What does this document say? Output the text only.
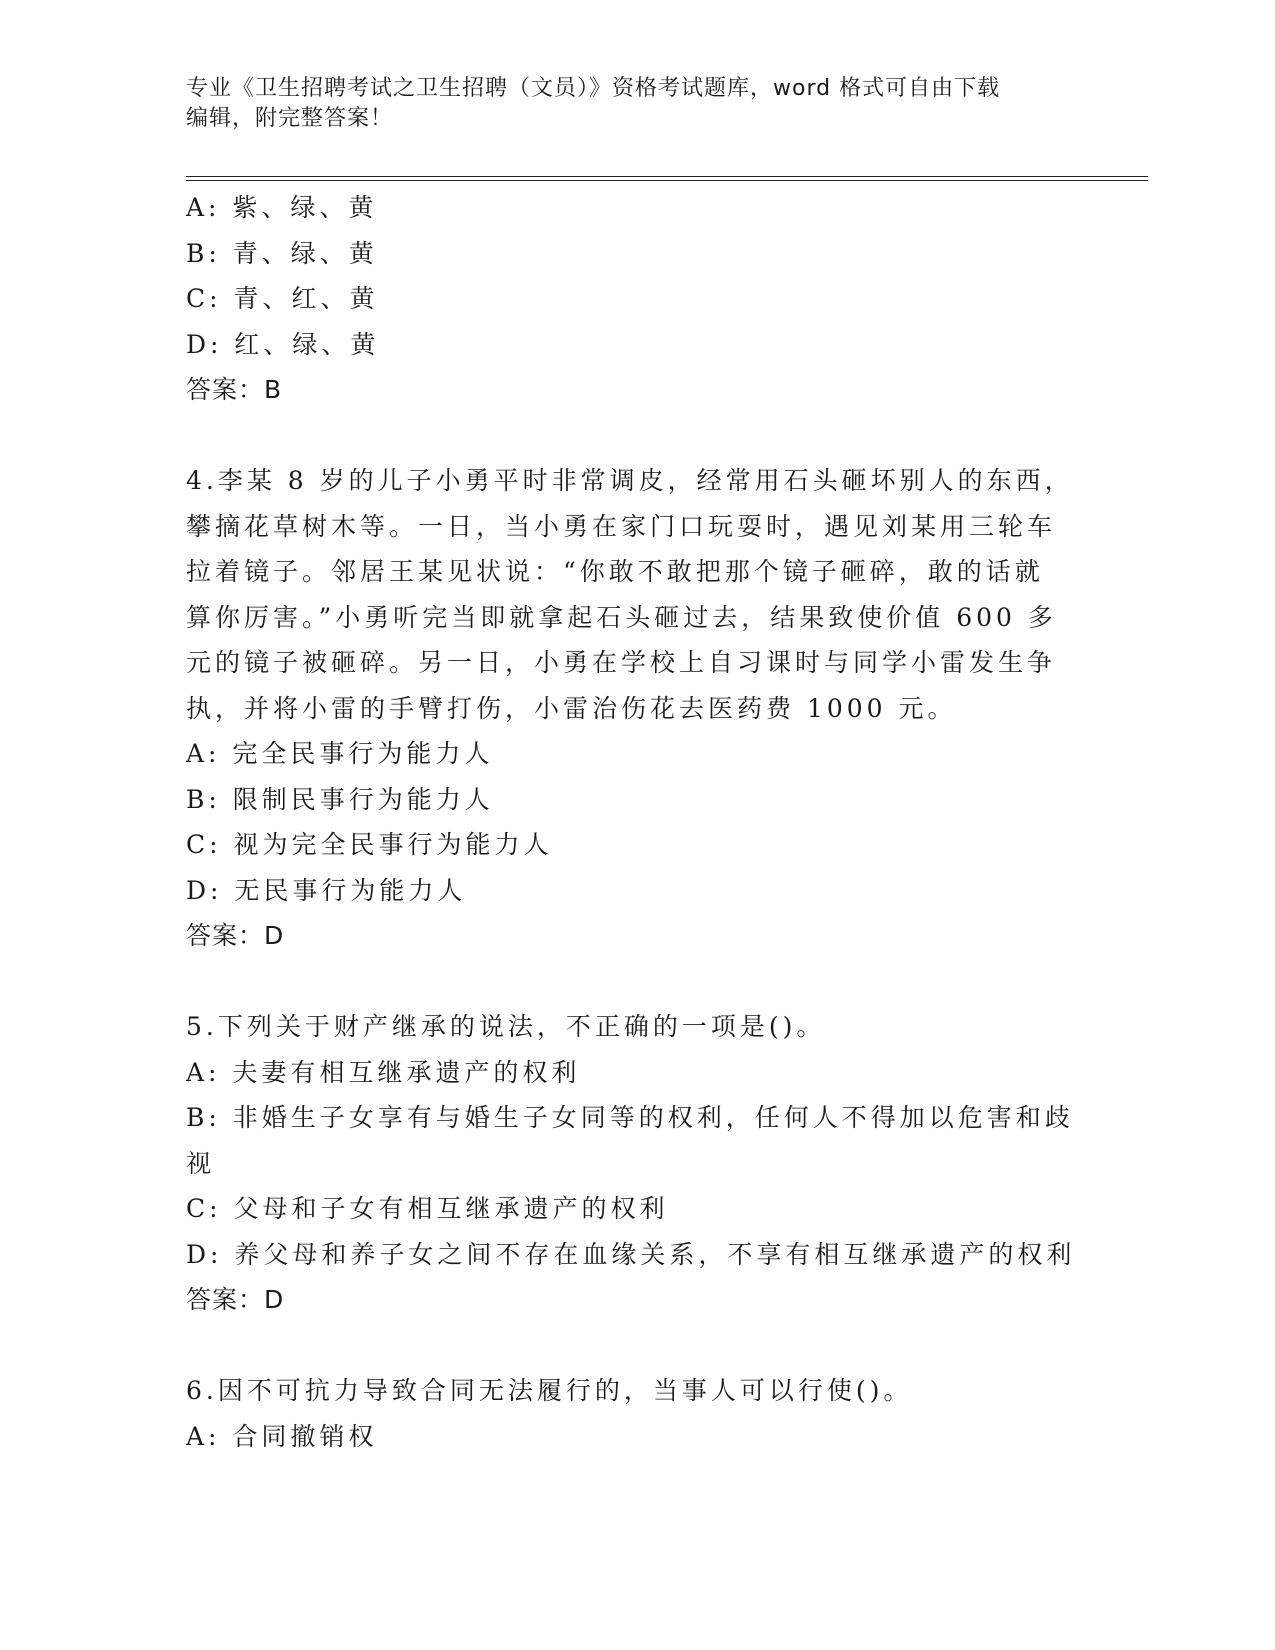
专业《卫生招聘考试之卫生招聘（文员）》资格考试题库，word 格式可自由下载
编辑，附完整答案！
A: 紫、绿、黄
B: 青、绿、黄
C: 青、红、黄
D: 红、绿、黄
答案：B
4.李某 8 岁的儿子小勇平时非常调皮，经常用石头砸坏别人的东西，
攀摘花草树木等。一日，当小勇在家门口玩耍时，遇见刘某用三轮车
拉着镜子。邻居王某见状说：“你敢不敢把那个镜子砸碎，敢的话就
算你厉害。”小勇听完当即就拿起石头砸过去，结果致使价值 600 多
元的镜子被砸碎。另一日，小勇在学校上自习课时与同学小雷发生争
执，并将小雷的手臂打伤，小雷治伤花去医药费 1000 元。
A: 完全民事行为能力人
B: 限制民事行为能力人
C: 视为完全民事行为能力人
D: 无民事行为能力人
答案：D
5.下列关于财产继承的说法，不正确的一项是()。
A: 夫妻有相互继承遗产的权利
B: 非婚生子女享有与婚生子女同等的权利，任何人不得加以危害和歧
视
C: 父母和子女有相互继承遗产的权利
D: 养父母和养子女之间不存在血缘关系，不享有相互继承遗产的权利
答案：D
6.因不可抗力导致合同无法履行的，当事人可以行使()。
A: 合同撤销权
